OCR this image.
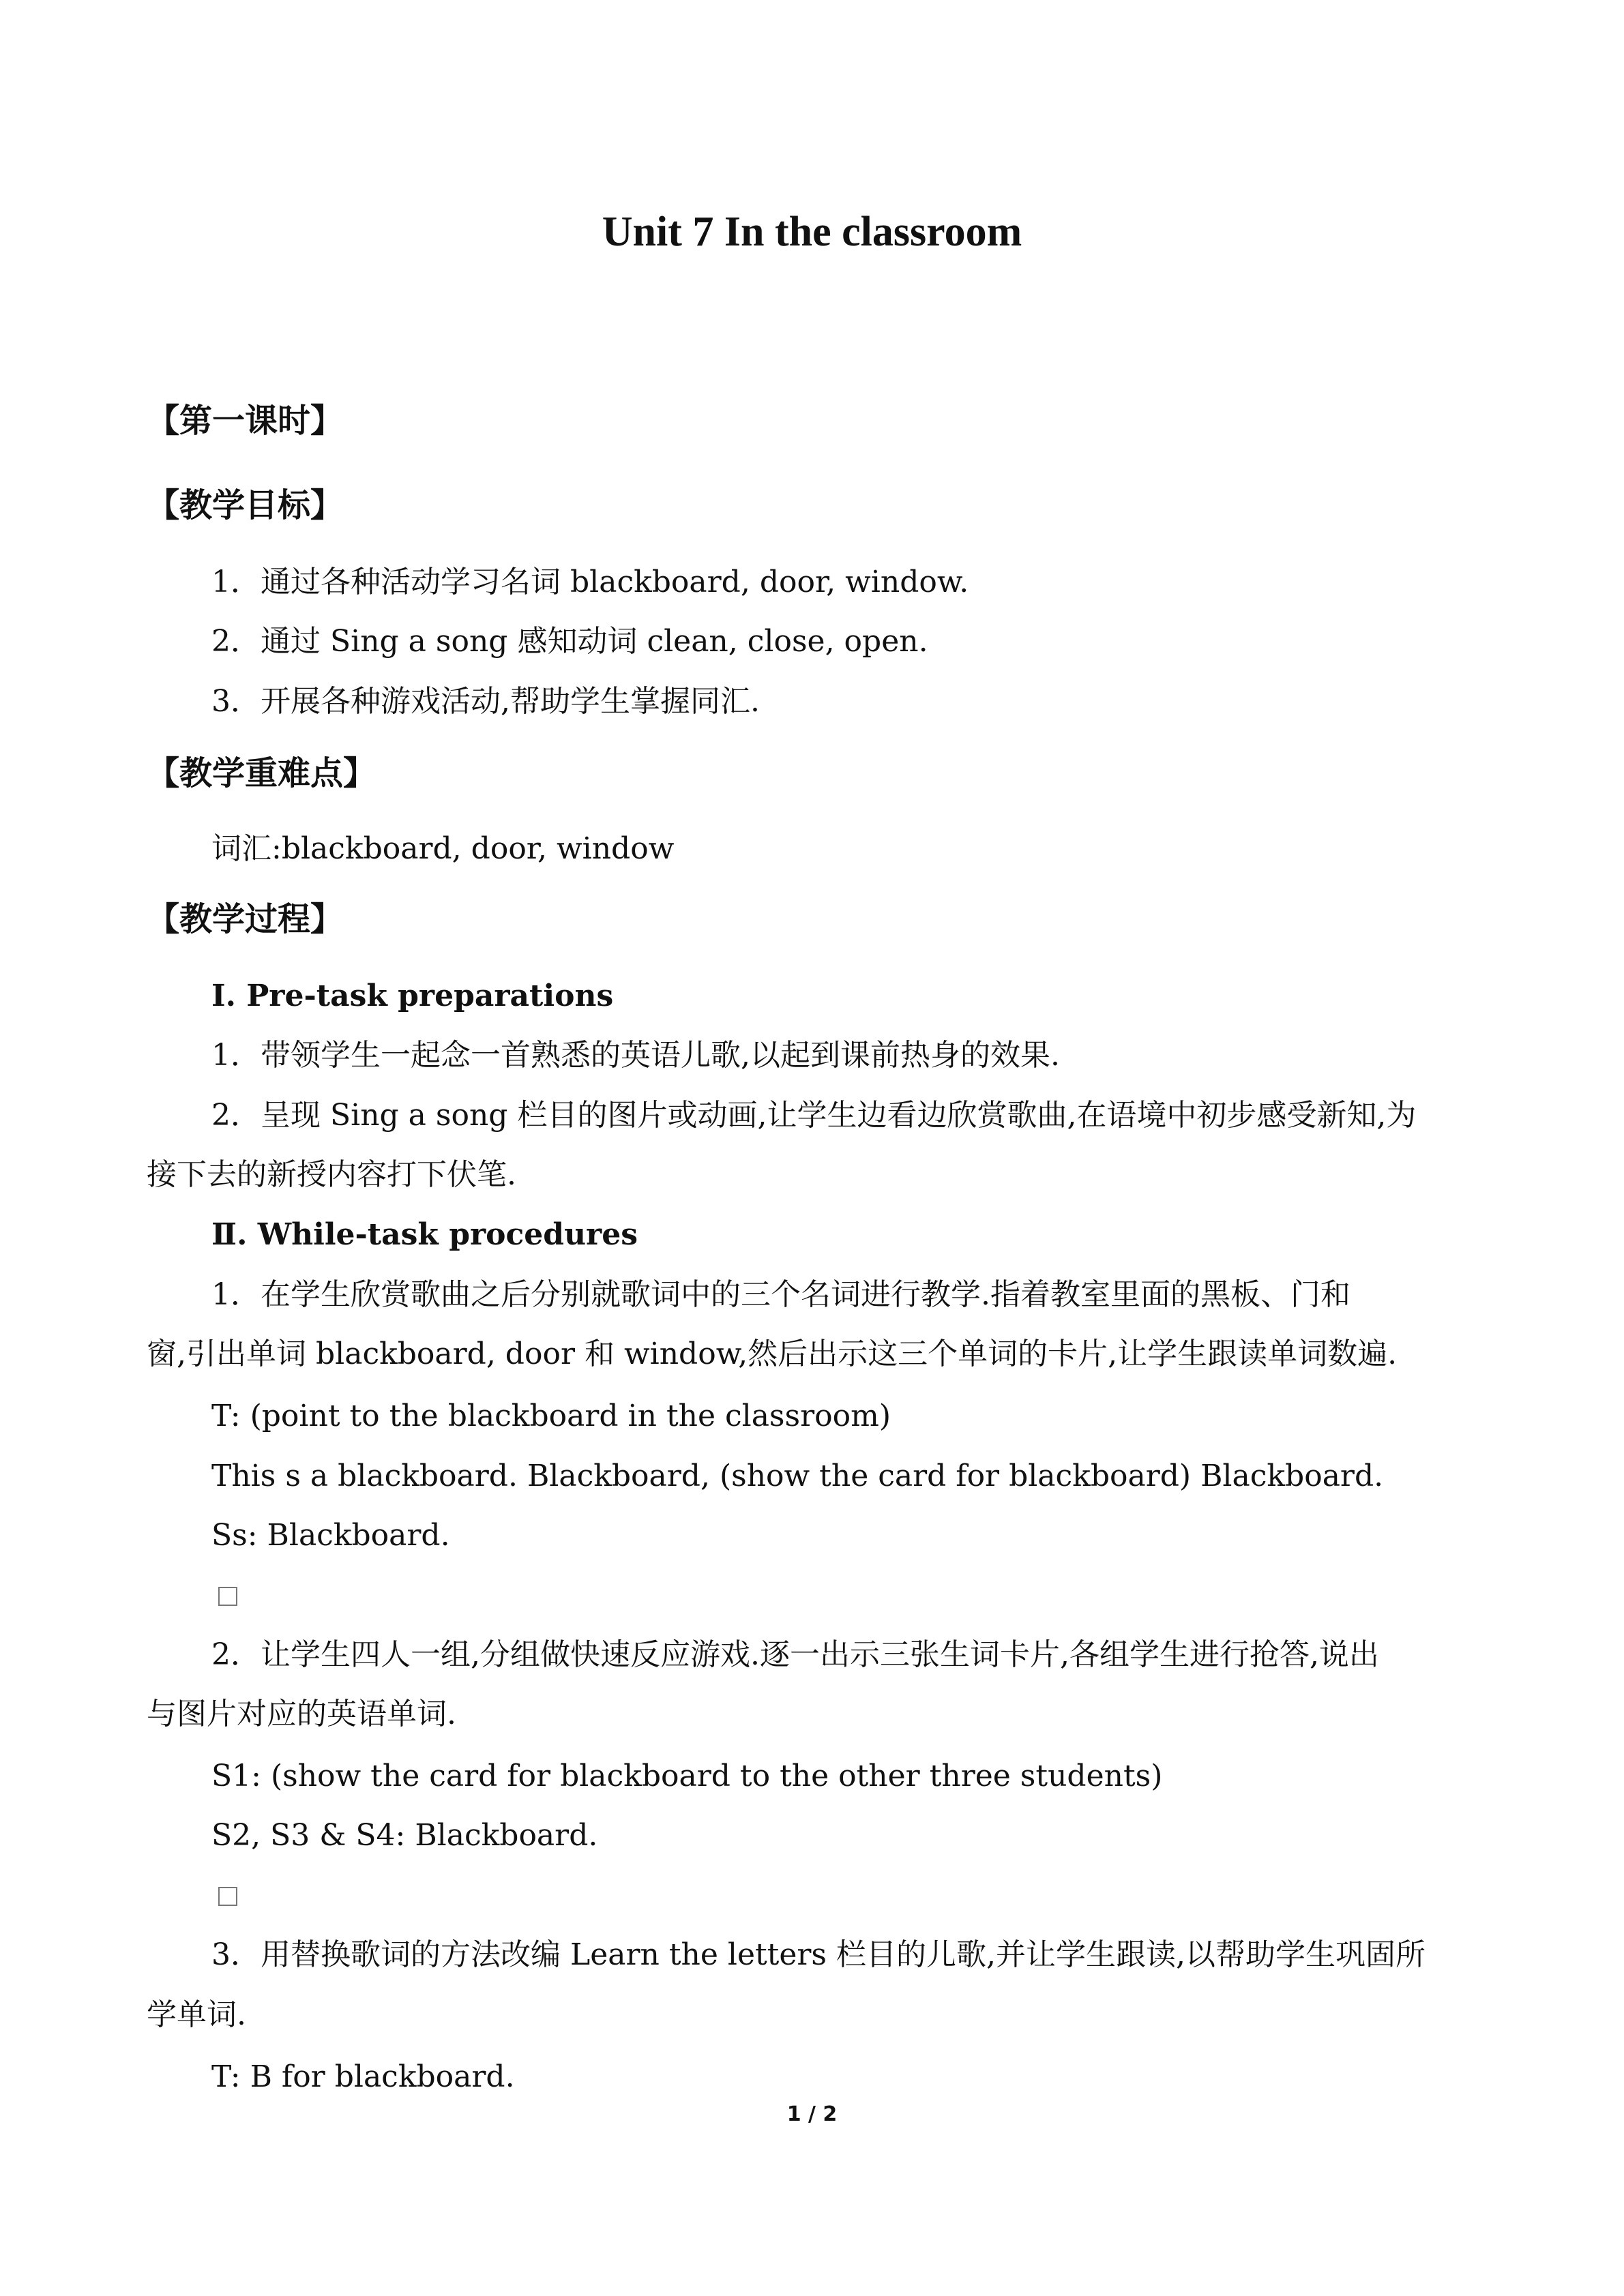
Unit 7 In the classroom
【第一课时】
【教学目标】
1．通过各种活动学习名词 blackboard, door, window.
2．通过 Sing a song 感知动词 clean, close, open.
3．开展各种游戏活动,帮助学生掌握同汇.
【教学重难点】
词汇:blackboard, door, window
【教学过程】
Ⅰ. Pre-task preparations
1．带领学生一起念一首熟悉的英语儿歌,以起到课前热身的效果.
2．呈现 Sing a song 栏目的图片或动画,让学生边看边欣赏歌曲,在语境中初步感受新知,为
接下去的新授内容打下伏笔.
Ⅱ. While-task procedures
1．在学生欣赏歌曲之后分别就歌词中的三个名词进行教学.指着教室里面的黑板、门和
窗,引出单词 blackboard, door 和 window,然后出示这三个单词的卡片,让学生跟读单词数遍.
T: (point to the blackboard in the classroom)
This s a blackboard. Blackboard, (show the card for blackboard) Blackboard.
Ss: Blackboard.
2．让学生四人一组,分组做快速反应游戏.逐一出示三张生词卡片,各组学生进行抢答,说出
与图片对应的英语单词.
S1: (show the card for blackboard to the other three students)
S2, S3 & S4: Blackboard.
3．用替换歌词的方法改编 Learn the letters 栏目的儿歌,并让学生跟读,以帮助学生巩固所
学单词.
T: B for blackboard.
1 / 2
